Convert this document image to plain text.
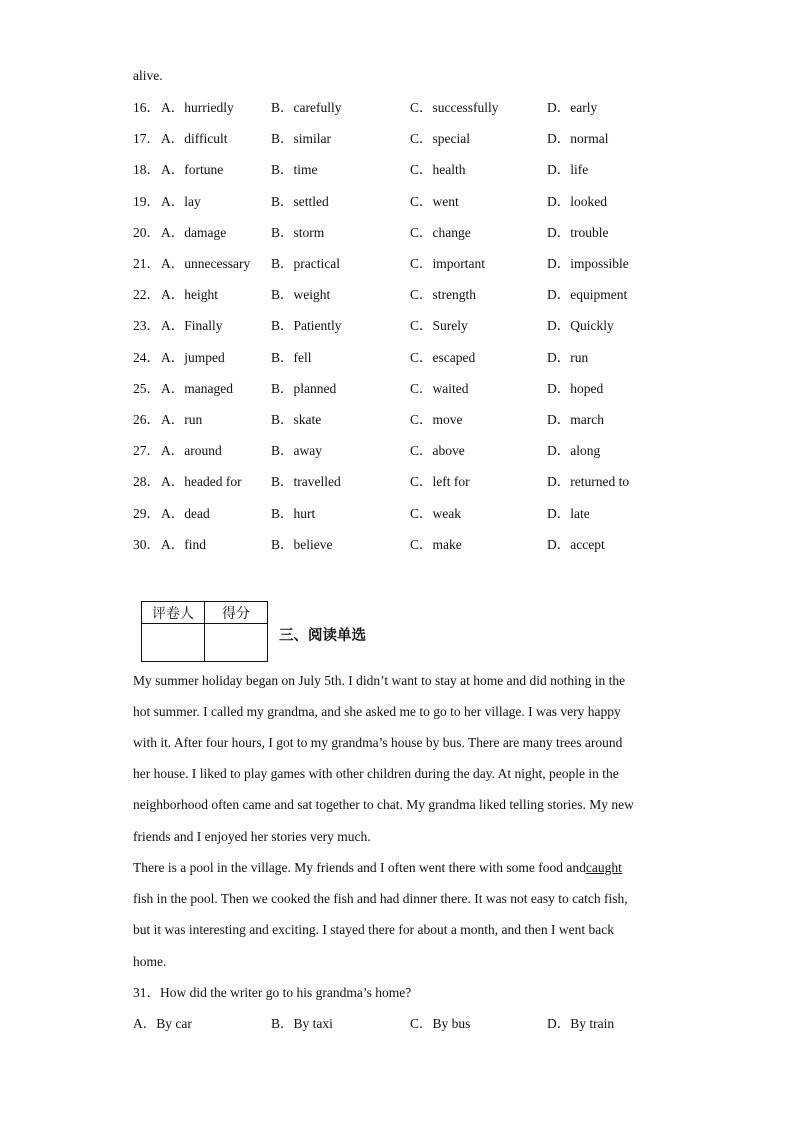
alive.
16． A．hurriedly	B．carefully	C．successfully	D．early
17． A．difficult	B．similar	C．special	D．normal
18． A．fortune	B．time	C．health	D．life
19． A．lay	B．settled	C．went	D．looked
20． A．damage	B．storm	C．change	D．trouble
21． A．unnecessary B．practical	C．important	D．impossible
22． A．height	B．weight	C．strength	D．equipment
23． A．Finally	B．Patiently	C．Surely	D．Quickly
24． A．jumped	B．fell	C．escaped	D．run
25． A．managed	B．planned	C．waited	D．hoped
26． A．run	B．skate	C．move	D．march
27． A．around	B．away	C．above	D．along
28． A．headed for B．travelled	C．left for	D．returned to
29． A．dead	B．hurt	C．weak	D．late
30． A．find	B．believe	C．make	D．accept
评卷人	得分

三、阅读单选
My summer holiday began on July 5th. I didn’t want to stay at home and did nothing in the
hot summer. I called my grandma, and she asked me to go to her village. I was very happy
with it. After four hours, I got to my grandma’s house by bus. There are many trees around
her house. I liked to play games with other children during the day. At night, people in the
neighborhood often came and sat together to chat. My grandma liked telling stories. My new
friends and I enjoyed her stories very much.
There is a pool in the village. My friends and I often went there with some food andcaught
fish in the pool. Then we cooked the fish and had dinner there. It was not easy to catch fish,
but it was interesting and exciting. I stayed there for about a month, and then I went back
home.
31．How did the writer go to his grandma’s home?
A．By car	B．By taxi	C．By bus	D．By train
